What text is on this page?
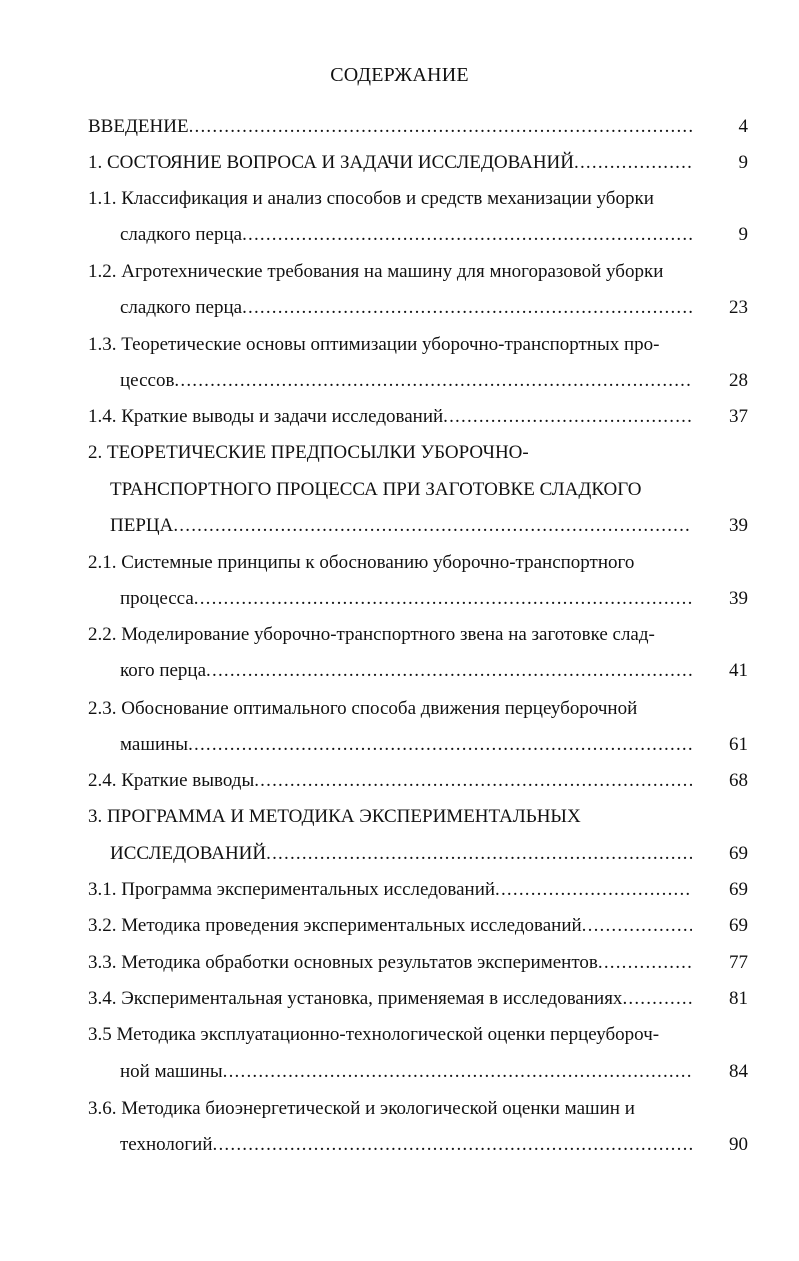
СОДЕРЖАНИЕ
ВВЕДЕНИЕ .....	4
1. СОСТОЯНИЕ ВОПРОСА И ЗАДАЧИ ИССЛЕДОВАНИЙ .....	9
1.1. Классификация и анализ способов и средств механизации уборки
сладкого перца .....	9
1.2. Агротехнические требования на машину для многоразовой уборки
сладкого перца .....	23
1.3. Теоретические основы оптимизации уборочно-транспортных про-
цессов .....	28
1.4. Краткие выводы и задачи исследований .....	37
2. ТЕОРЕТИЧЕСКИЕ ПРЕДПОСЫЛКИ УБОРОЧНО-
ТРАНСПОРТНОГО ПРОЦЕССА ПРИ ЗАГОТОВКЕ СЛАДКОГО
ПЕРЦА .....	39
2.1. Системные принципы к обоснованию уборочно-транспортного
процесса .....	39
2.2. Моделирование уборочно-транспортного звена на заготовке слад-
кого перца .....	41
2.3. Обоснование оптимального способа движения перцеуборочной
машины .....	61
2.4. Краткие выводы .....	68
3. ПРОГРАММА И МЕТОДИКА ЭКСПЕРИМЕНТАЛЬНЫХ
ИССЛЕДОВАНИЙ .....	69
3.1. Программа экспериментальных исследований .....	69
3.2. Методика проведения экспериментальных исследований .....	69
3.3. Методика обработки основных результатов экспериментов .....	77
3.4. Экспериментальная установка, применяемая в исследованиях .....	81
3.5 Методика эксплуатационно-технологической оценки перцеубороч-
ной машины .....	84
3.6. Методика биоэнергетической и экологической оценки машин и
технологий .....	90
